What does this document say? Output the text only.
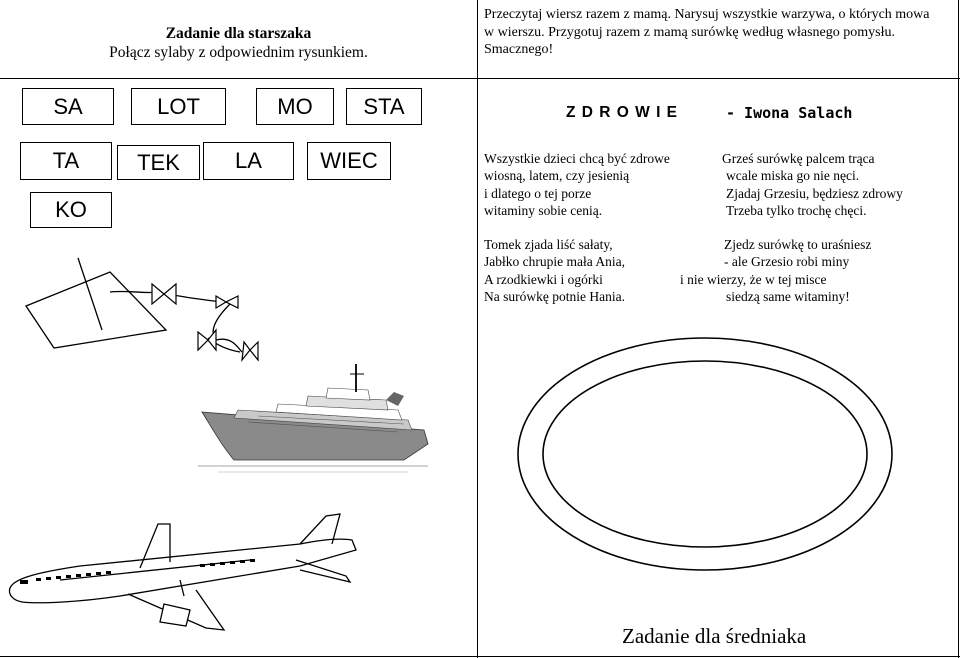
Zadanie dla starszaka
Połącz sylaby z odpowiednim rysunkiem.
Przeczytaj wiersz razem z mamą. Narysuj wszystkie warzywa, o których mowa
w wierszu. Przygotuj razem z mamą surówkę według własnego pomysłu.
Smacznego!
SA	LOT	MO	STA
TA	TEK	LA	WIEC
KO
Z D R O W I E	- Iwona Salach
Wszystkie dzieci chcą być zdrowe
wiosną, latem, czy jesienią
i dlatego o tej porze
witaminy sobie cenią.
Grześ surówkę palcem trąca
wcale miska go nie nęci.
Zjadaj Grzesiu, będziesz zdrowy
Trzeba tylko trochę chęci.
Tomek zjada liść sałaty,
Jabłko chrupie mała Ania,
A rzodkiewki i ogórki
Na surówkę potnie Hania.
Zjedz surówkę to uraśniesz
- ale Grzesio robi miny
i nie wierzy, że w tej misce
siedzą same witaminy!
Zadanie dla średniaka
